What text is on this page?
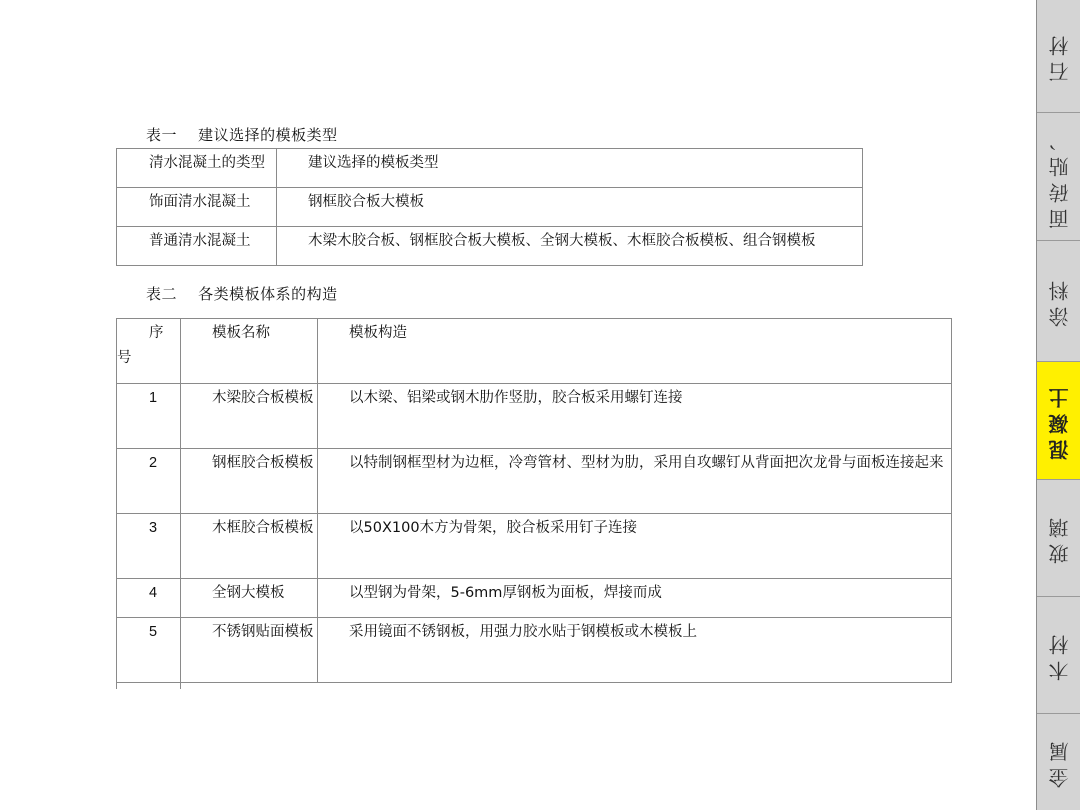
表一    建议选择的模板类型
清水混凝土的类型	建议选择的模板类型

饰面清水混凝土	钢框胶合板大模板

普通清水混凝土	木梁木胶合板、钢框胶合板大模板、全钢大模板、木框胶合板模板、组合钢模板
表二    各类模板体系的构造
序
号	模板名称	模板构造

1	木梁胶合板模板	以木梁、铝梁或钢木肋作竖肋，胶合板采用螺钉连接

2	钢框胶合板模板	以特制钢框型材为边框，冷弯管材、型材为肋，采用自攻螺钉从背面把次龙骨与面板连接起来

3	木框胶合板模板	以50X100木方为骨架，胶合板采用钉子连接

4	全钢大模板	以型钢为骨架，5-6mm厚钢板为面板，焊接而成

5	不锈钢贴面模板	采用镜面不锈钢板，用强力胶水贴于钢模板或木模板上

石材
面砖贴、
涂料
混凝土
玻璃
木材
金属
